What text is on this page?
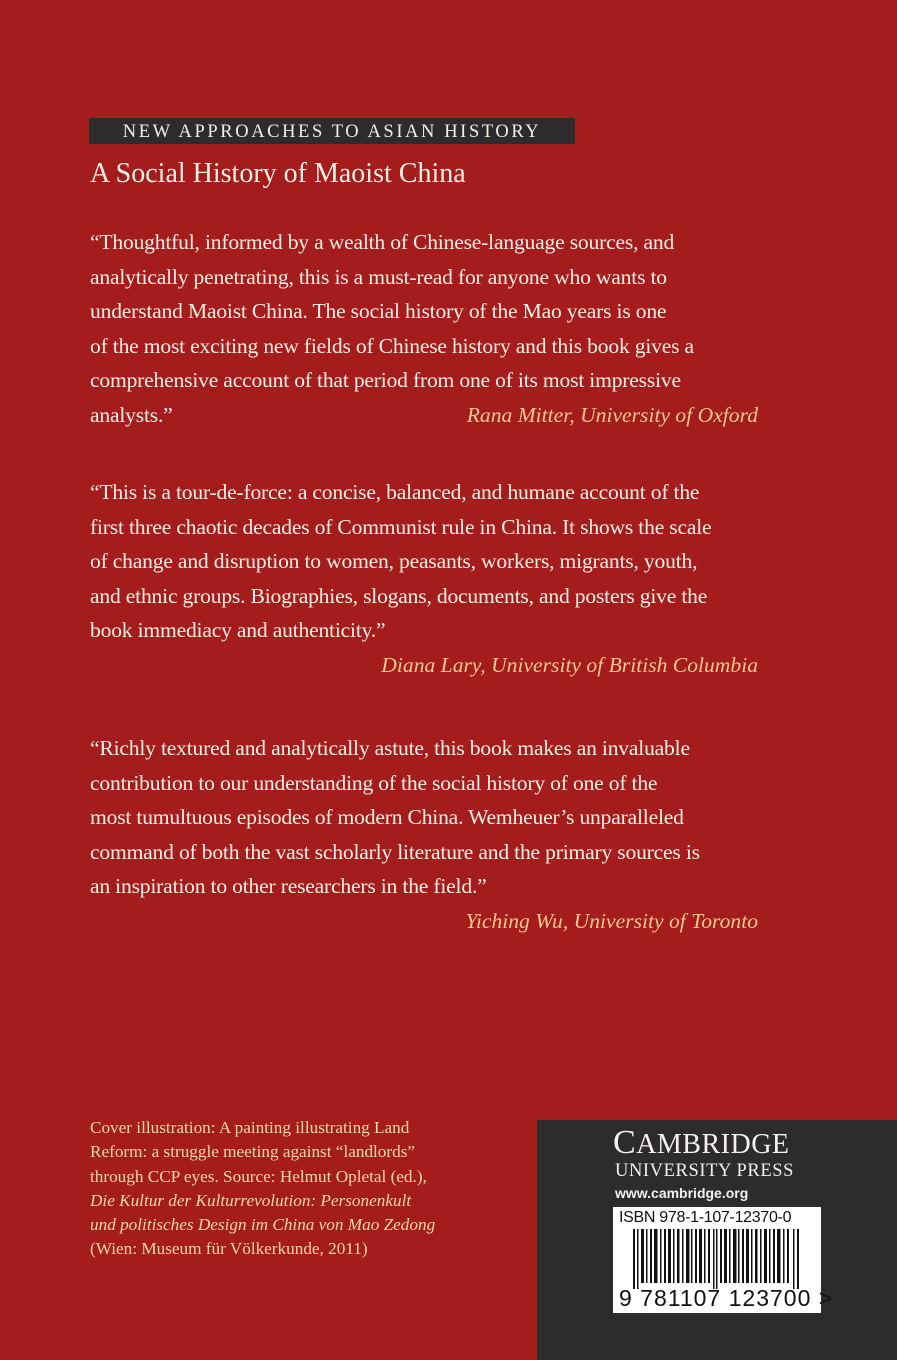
NEW APPROACHES TO ASIAN HISTORY
A Social History of Maoist China
“Thoughtful, informed by a wealth of Chinese-language sources, and
analytically penetrating, this is a must-read for anyone who wants to
understand Maoist China. The social history of the Mao years is one
of the most exciting new fields of Chinese history and this book gives a
comprehensive account of that period from one of its most impressive
analysts.”	Rana Mitter, University of Oxford
“This is a tour-de-force: a concise, balanced, and humane account of the
first three chaotic decades of Communist rule in China. It shows the scale
of change and disruption to women, peasants, workers, migrants, youth,
and ethnic groups. Biographies, slogans, documents, and posters give the
book immediacy and authenticity.”
Diana Lary, University of British Columbia
“Richly textured and analytically astute, this book makes an invaluable
contribution to our understanding of the social history of one of the
most tumultuous episodes of modern China. Wemheuer’s unparalleled
command of both the vast scholarly literature and the primary sources is
an inspiration to other researchers in the field.”
Yiching Wu, University of Toronto
Cover illustration: A painting illustrating Land
Reform: a struggle meeting against “landlords”
through CCP eyes. Source: Helmut Opletal (ed.),
Die Kultur der Kulturrevolution: Personenkult
und politisches Design im China von Mao Zedong
(Wien: Museum für Völkerkunde, 2011)
CAMBRIDGE
UNIVERSITY PRESS
www.cambridge.org
ISBN 978-1-107-12370-0
9 781107 123700 >
